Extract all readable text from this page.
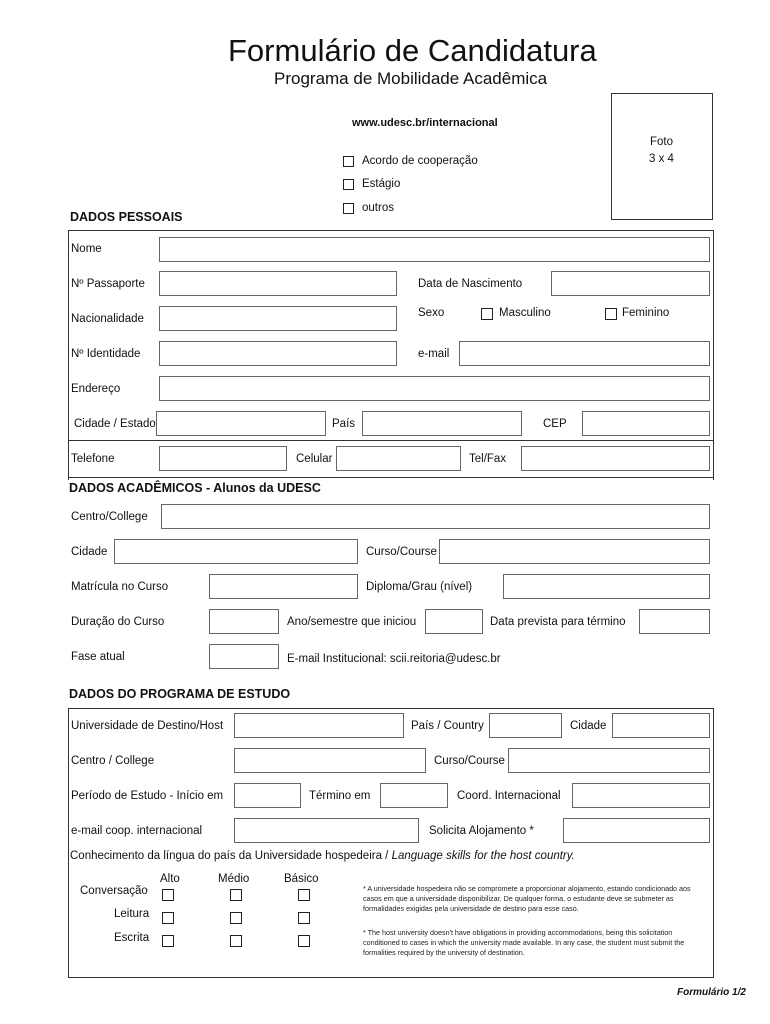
Formulário de Candidatura
Programa de Mobilidade Acadêmica
www.udesc.br/internacional
Acordo de cooperação
Estágio
outros
Foto
3 x 4
DADOS PESSOAIS
Nome
Nº Passaporte	Data de Nascimento
Nacionalidade	Sexo	Masculino	Feminino
Nº Identidade	e-mail
Endereço
Cidade / Estado	País	CEP
Telefone	Celular	Tel/Fax
DADOS ACADÊMICOS - Alunos da UDESC
Centro/College
Cidade	Curso/Course
Matrícula no Curso	Diploma/Grau (nível)
Duração do Curso	Ano/semestre que iniciou	Data prevista para término
Fase atual	E-mail Institucional: scii.reitoria@udesc.br
DADOS DO PROGRAMA DE ESTUDO
Universidade de Destino/Host	País / Country	Cidade
Centro / College	Curso/Course
Período de Estudo - Início em	Término em	Coord. Internacional
e-mail coop. internacional	Solicita Alojamento *
Conhecimento da língua do país da Universidade hospedeira / Language skills for the host country.
Alto	Médio	Básico
Conversação
Leitura
Escrita
* A universidade hospedeira não se compromete a proporcionar alojamento, estando condicionado aos casos em que a universidade disponibilizar. De qualquer forma, o estudante deve se submeter as formalidades exigidas pela universidade de destino para esse caso.
* The host university doesn't have obligations in providing accommodations, being this solicitation conditioned to cases in which the university made available. In any case, the student must submit the formalities required by the university of destination.
Formulário 1/2
